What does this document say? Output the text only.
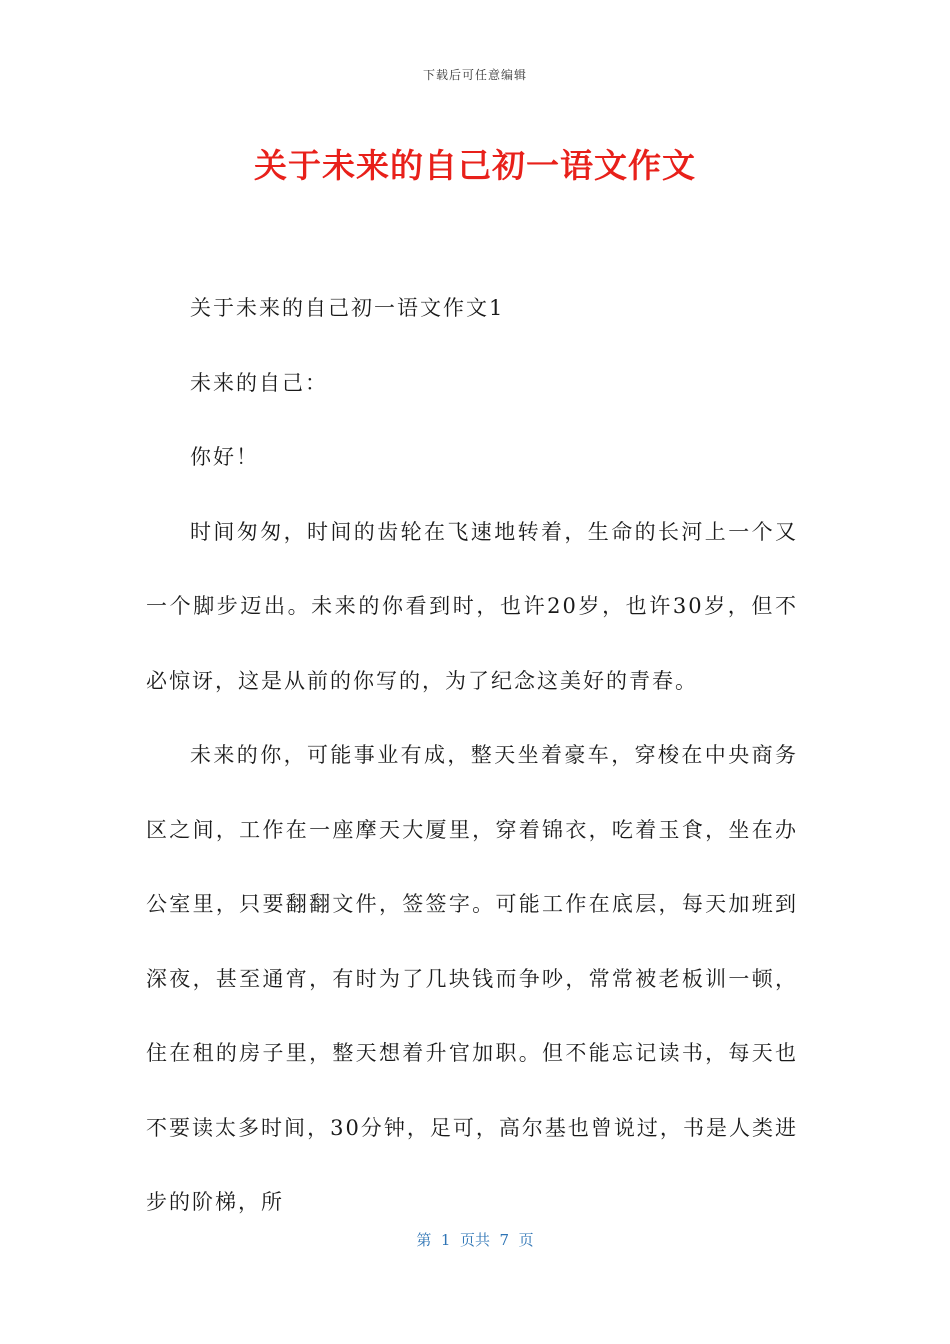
下载后可任意编辑
关于未来的自己初一语文作文

关于未来的自己初一语文作文1

未来的自己：

你好！

时间匆匆，时间的齿轮在飞速地转着，生命的长河上一个又一个脚步迈出。未来的你看到时，也许20岁，也许30岁，但不必惊讶，这是从前的你写的，为了纪念这美好的青春。

未来的你，可能事业有成，整天坐着豪车，穿梭在中央商务区之间，工作在一座摩天大厦里，穿着锦衣，吃着玉食，坐在办公室里，只要翻翻文件，签签字。可能工作在底层，每天加班到深夜，甚至通宵，有时为了几块钱而争吵，常常被老板训一顿，住在租的房子里，整天想着升官加职。但不能忘记读书，每天也不要读太多时间，30分钟，足可，高尔基也曾说过，书是人类进步的阶梯，所

第  1  页共  7  页
